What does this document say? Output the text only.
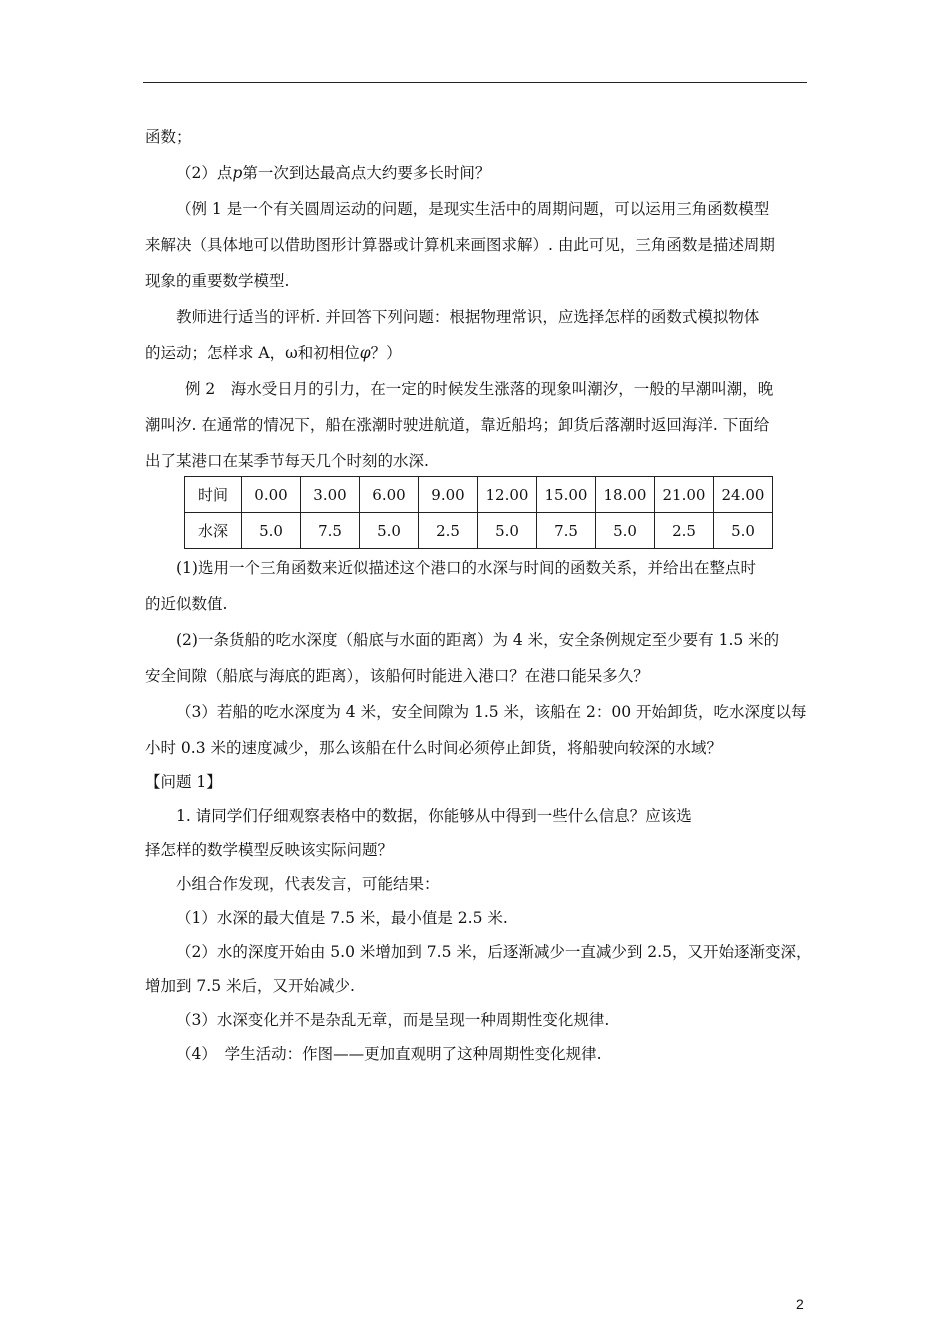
函数；
（2）点p第一次到达最高点大约要多长时间？
（例 1 是一个有关圆周运动的问题，是现实生活中的周期问题，可以运用三角函数模型
来解决（具体地可以借助图形计算器或计算机来画图求解）. 由此可见，三角函数是描述周期
现象的重要数学模型.
教师进行适当的评析. 并回答下列问题：根据物理常识，应选择怎样的函数式模拟物体
的运动；怎样求 A，ω和初相位φ？）
例 2　海水受日月的引力，在一定的时候发生涨落的现象叫潮汐，一般的早潮叫潮，晚
潮叫汐. 在通常的情况下，船在涨潮时驶进航道，靠近船坞；卸货后落潮时返回海洋. 下面给
出了某港口在某季节每天几个时刻的水深.
时间	0.00	3.00	6.00	9.00	12.00	15.00	18.00	21.00	24.00
水深	5.0	7.5	5.0	2.5	5.0	7.5	5.0	2.5	5.0
(1)选用一个三角函数来近似描述这个港口的水深与时间的函数关系，并给出在整点时
的近似数值.
(2)一条货船的吃水深度（船底与水面的距离）为 4 米，安全条例规定至少要有 1.5 米的
安全间隙（船底与海底的距离），该船何时能进入港口？在港口能呆多久？
（3）若船的吃水深度为 4 米，安全间隙为 1.5 米，该船在 2：00 开始卸货，吃水深度以每
小时 0.3 米的速度减少，那么该船在什么时间必须停止卸货，将船驶向较深的水域？
【问题 1】
1. 请同学们仔细观察表格中的数据，你能够从中得到一些什么信息？应该选
择怎样的数学模型反映该实际问题？
小组合作发现，代表发言，可能结果：
（1）水深的最大值是 7.5 米，最小值是 2.5 米.
（2）水的深度开始由 5.0 米增加到 7.5 米，后逐渐减少一直减少到 2.5，又开始逐渐变深，
增加到 7.5 米后，又开始减少.
（3）水深变化并不是杂乱无章，而是呈现一种周期性变化规律.
（4）　学生活动：作图——更加直观明了这种周期性变化规律.
2
